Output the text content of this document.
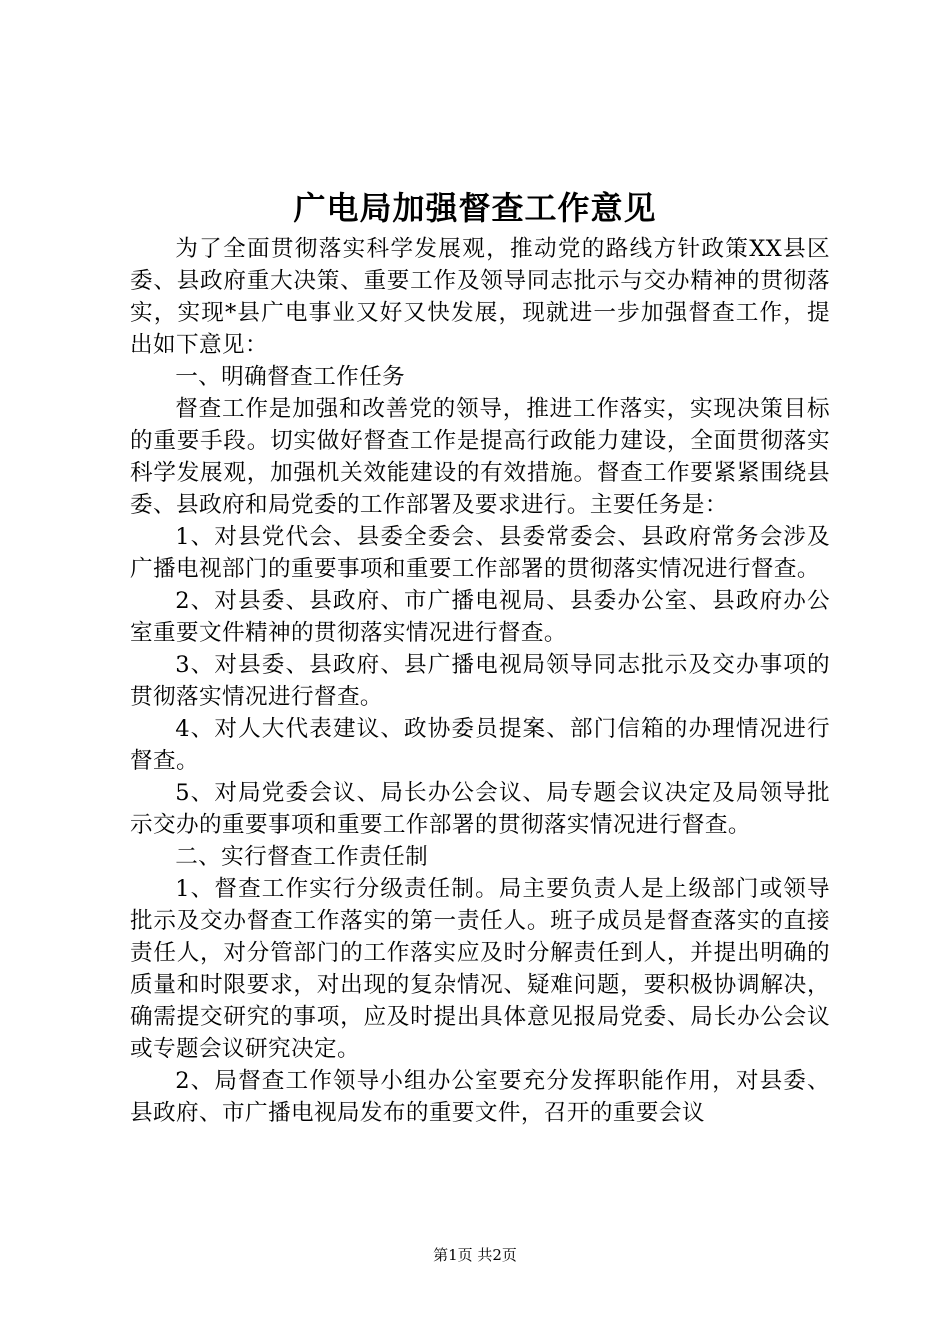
广电局加强督查工作意见

为了全面贯彻落实科学发展观，推动党的路线方针政策XX县区委、县政府重大决策、重要工作及领导同志批示与交办精神的贯彻落实，实现*县广电事业又好又快发展，现就进一步加强督查工作，提出如下意见：

一、明确督查工作任务

督查工作是加强和改善党的领导，推进工作落实，实现决策目标的重要手段。切实做好督查工作是提高行政能力建设，全面贯彻落实科学发展观，加强机关效能建设的有效措施。督查工作要紧紧围绕县委、县政府和局党委的工作部署及要求进行。主要任务是：

1、对县党代会、县委全委会、县委常委会、县政府常务会涉及广播电视部门的重要事项和重要工作部署的贯彻落实情况进行督查。

2、对县委、县政府、市广播电视局、县委办公室、县政府办公室重要文件精神的贯彻落实情况进行督查。

3、对县委、县政府、县广播电视局领导同志批示及交办事项的贯彻落实情况进行督查。

4、对人大代表建议、政协委员提案、部门信箱的办理情况进行督查。

5、对局党委会议、局长办公会议、局专题会议决定及局领导批示交办的重要事项和重要工作部署的贯彻落实情况进行督查。

二、实行督查工作责任制

1、督查工作实行分级责任制。局主要负责人是上级部门或领导批示及交办督查工作落实的第一责任人。班子成员是督查落实的直接责任人，对分管部门的工作落实应及时分解责任到人，并提出明确的质量和时限要求，对出现的复杂情况、疑难问题，要积极协调解决，确需提交研究的事项，应及时提出具体意见报局党委、局长办公会议或专题会议研究决定。

2、局督查工作领导小组办公室要充分发挥职能作用，对县委、县政府、市广播电视局发布的重要文件，召开的重要会议

第1页 共2页
